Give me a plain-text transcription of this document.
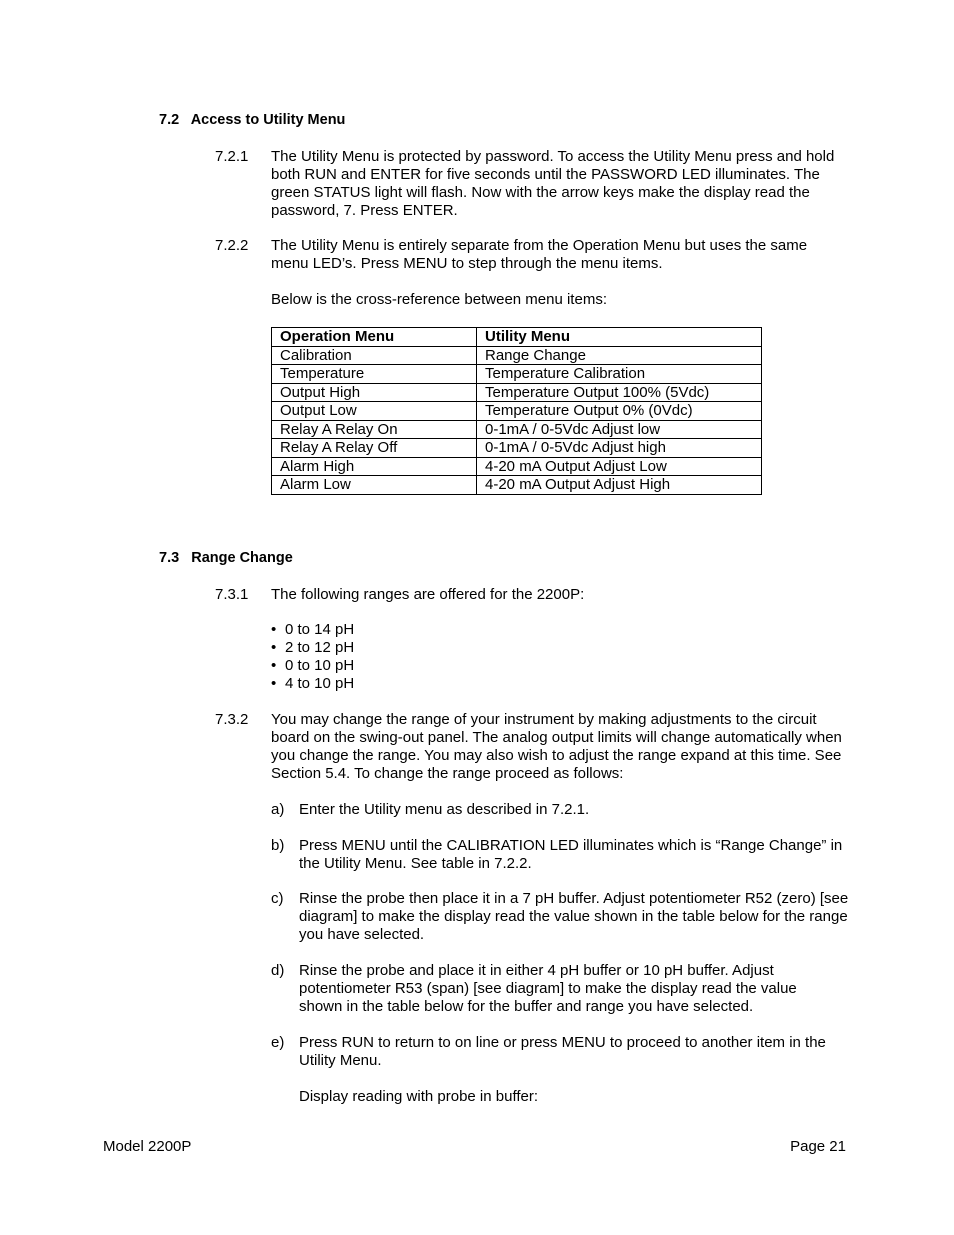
7.2   Access to Utility Menu
7.2.1 The Utility Menu is protected by password. To access the Utility Menu press and hold both RUN and ENTER for five seconds until the PASSWORD LED illuminates. The green STATUS light will flash. Now with the arrow keys make the display read the password, 7. Press ENTER.
7.2.2 The Utility Menu is entirely separate from the Operation Menu but uses the same menu LED’s. Press MENU to step through the menu items.
Below is the cross-reference between menu items:
Operation Menu	Utility Menu
Calibration	Range Change
Temperature	Temperature Calibration
Output High	Temperature Output 100% (5Vdc)
Output Low	Temperature Output 0% (0Vdc)
Relay A Relay On	0-1mA / 0-5Vdc Adjust low
Relay A Relay Off	0-1mA / 0-5Vdc Adjust high
Alarm High	4-20 mA Output Adjust Low
Alarm Low	4-20 mA Output Adjust High
7.3   Range Change
7.3.1 The following ranges are offered for the 2200P:
• 0 to 14 pH
• 2 to 12 pH
• 0 to 10 pH
• 4 to 10 pH
7.3.2 You may change the range of your instrument by making adjustments to the circuit board on the swing-out panel. The analog output limits will change automatically when you change the range. You may also wish to adjust the range expand at this time. See Section 5.4. To change the range proceed as follows:
a) Enter the Utility menu as described in 7.2.1.
b) Press MENU until the CALIBRATION LED illuminates which is “Range Change” in the Utility Menu. See table in 7.2.2.
c) Rinse the probe then place it in a 7 pH buffer. Adjust potentiometer R52 (zero) [see diagram] to make the display read the value shown in the table below for the range you have selected.
d) Rinse the probe and place it in either 4 pH buffer or 10 pH buffer. Adjust potentiometer R53 (span) [see diagram] to make the display read the value shown in the table below for the buffer and range you have selected.
e) Press RUN to return to on line or press MENU to proceed to another item in the Utility Menu.
Display reading with probe in buffer:
Model 2200P	Page 21
